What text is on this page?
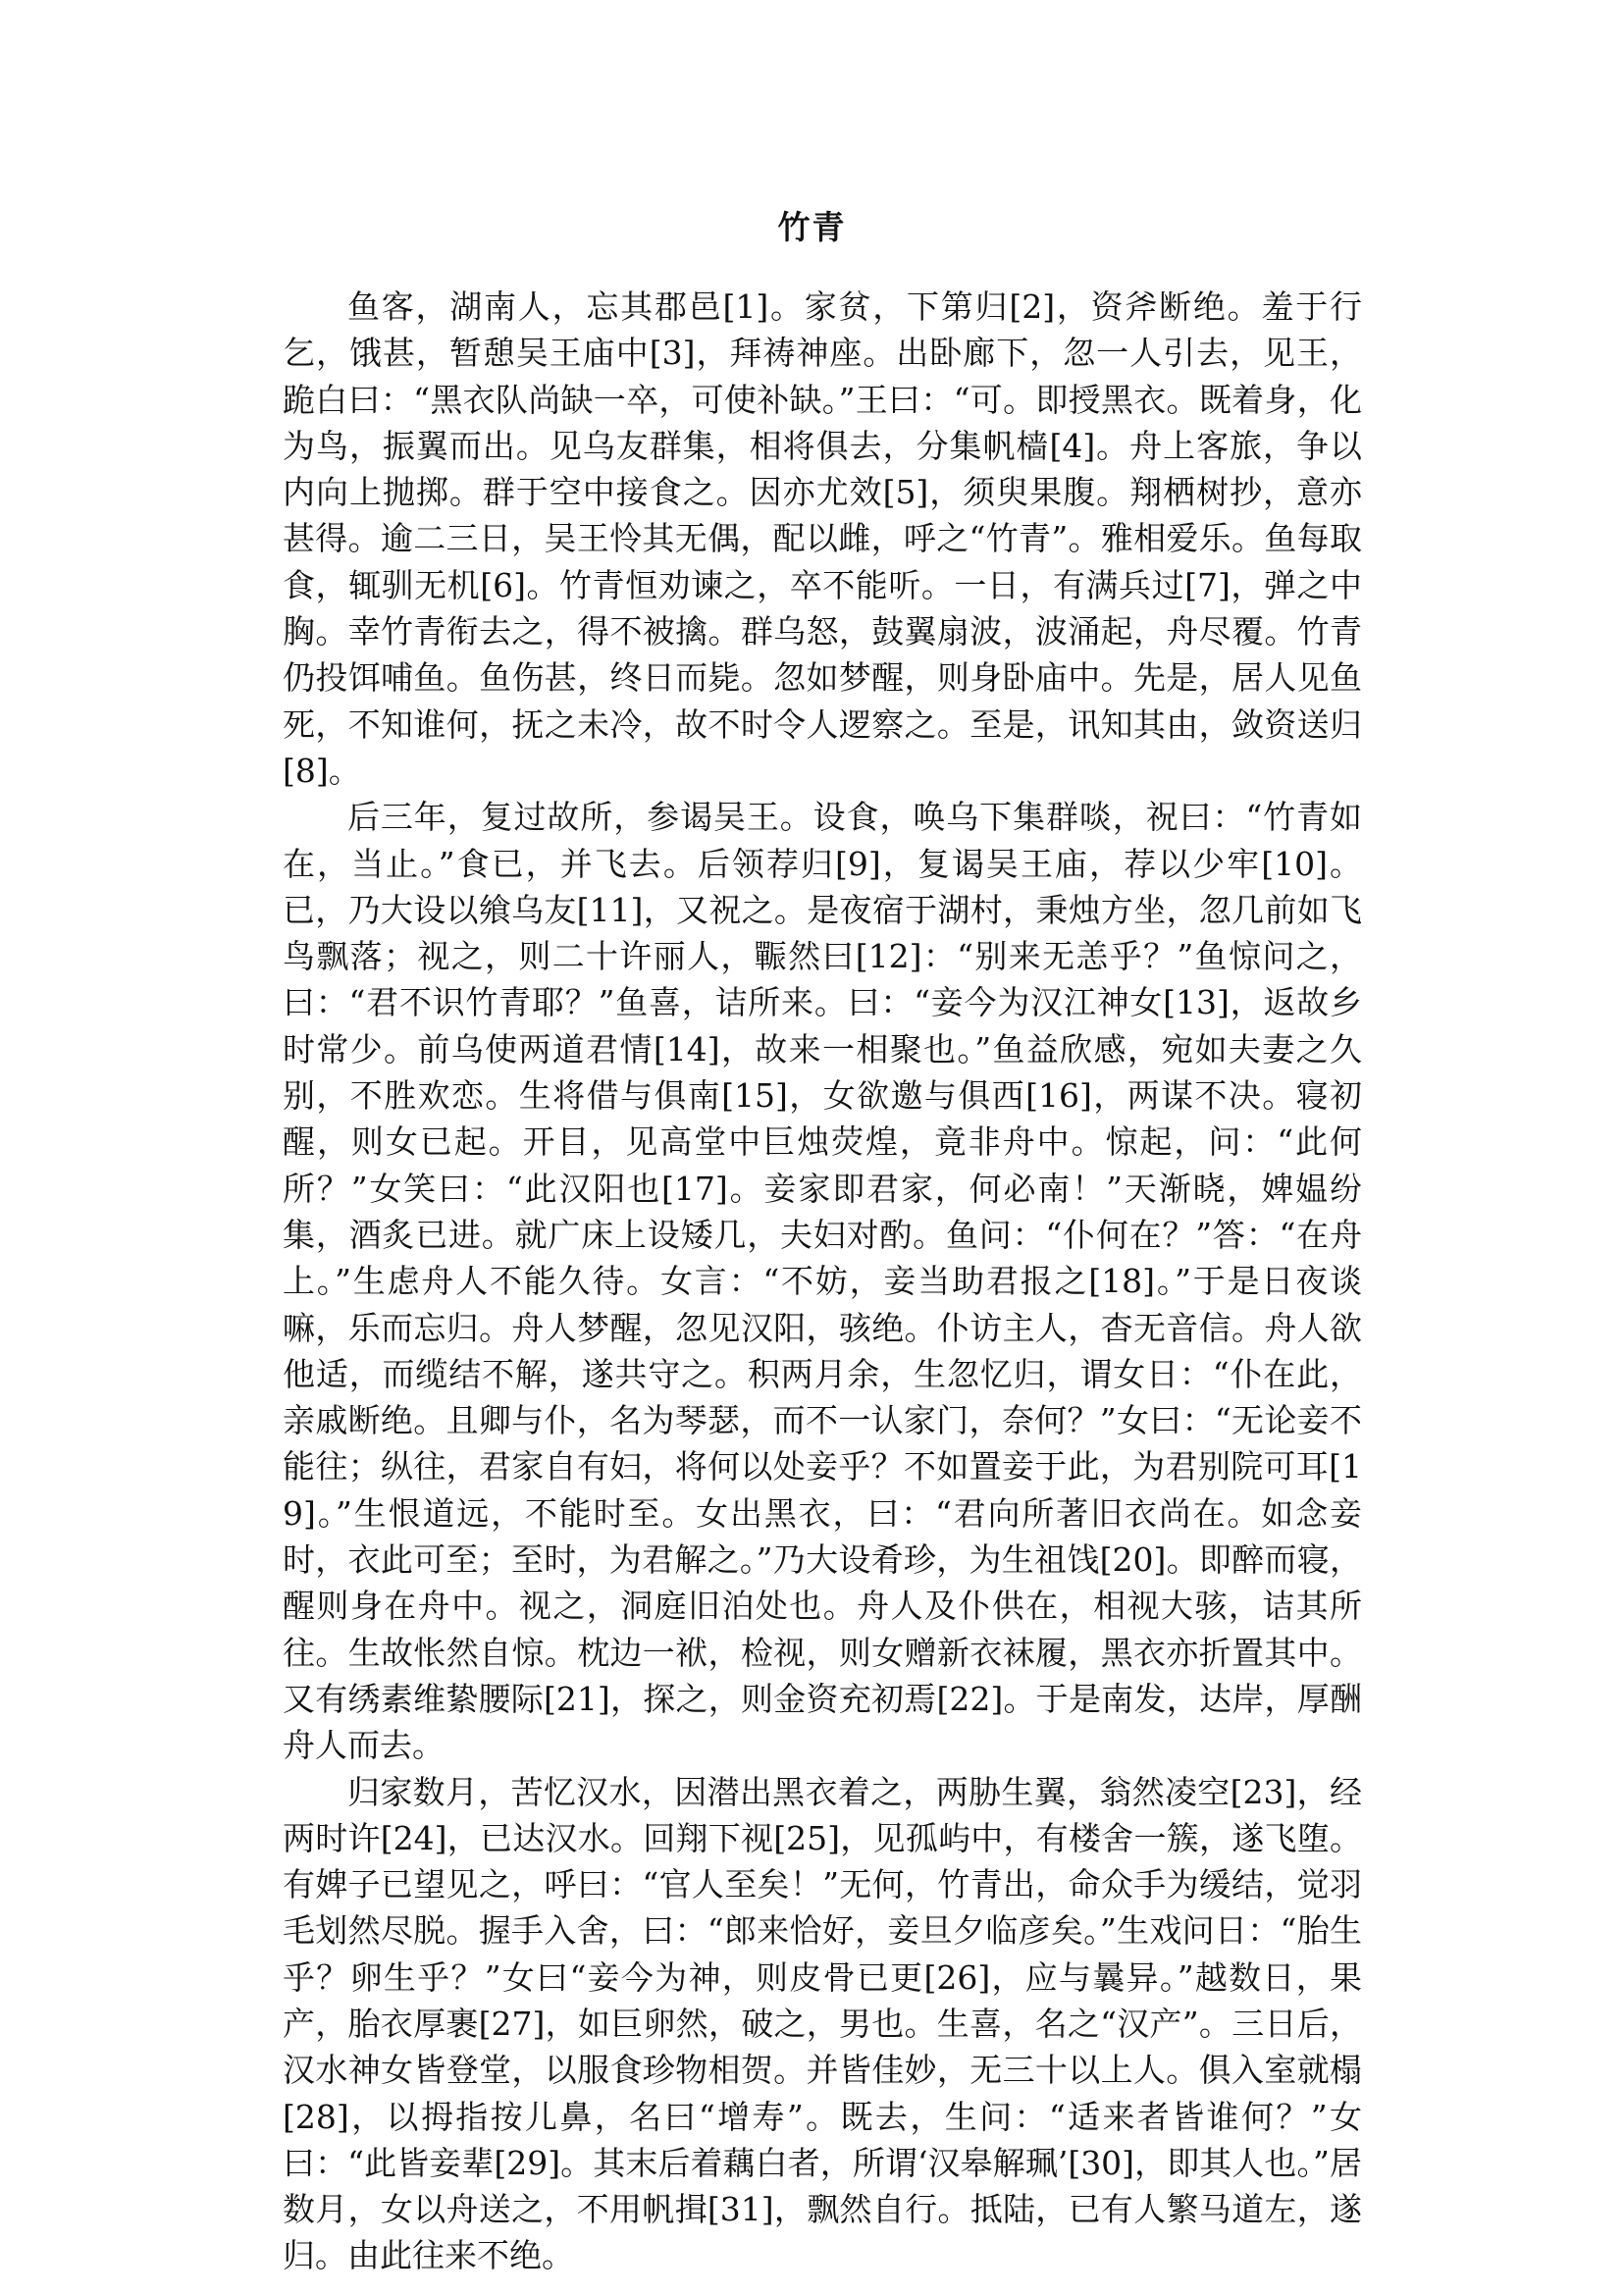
竹青

鱼客，湖南人，忘其郡邑[1]。家贫，下第归[2]，资斧断绝。羞于行乞，饿甚，暂憩吴王庙中[3]，拜祷神座。出卧廊下，忽一人引去，见王，跪白曰：“黑衣队尚缺一卒，可使补缺。”王曰：“可。即授黑衣。既着身，化为鸟，振翼而出。见乌友群集，相将俱去，分集帆樯[4]。舟上客旅，争以内向上抛掷。群于空中接食之。因亦尤效[5]，须臾果腹。翔栖树抄，意亦甚得。逾二三日，吴王怜其无偶，配以雌，呼之“竹青”。雅相爱乐。鱼每取食，辄驯无机[6]。竹青恒劝谏之，卒不能听。一日，有满兵过[7]，弹之中胸。幸竹青衔去之，得不被擒。群乌怒，鼓翼扇波，波涌起，舟尽覆。竹青仍投饵哺鱼。鱼伤甚，终日而毙。忽如梦醒，则身卧庙中。先是，居人见鱼死，不知谁何，抚之未冷，故不时令人逻察之。至是，讯知其由，敛资送归[8]。

后三年，复过故所，参谒吴王。设食，唤乌下集群啖，祝曰：“竹青如在，当止。”食已，并飞去。后领荐归[9]，复谒吴王庙，荐以少牢[10]。已，乃大设以飨乌友[11]，又祝之。是夜宿于湖村，秉烛方坐，忽几前如飞鸟飘落；视之，则二十许丽人，辴然曰[12]：“别来无恙乎？”鱼惊问之，曰：“君不识竹青耶？”鱼喜，诘所来。曰：“妾今为汉江神女[13]，返故乡时常少。前乌使两道君情[14]，故来一相聚也。”鱼益欣感，宛如夫妻之久别，不胜欢恋。生将借与俱南[15]，女欲邀与俱西[16]，两谋不决。寝初醒，则女已起。开目，见高堂中巨烛荧煌，竟非舟中。惊起，问：“此何所？”女笑曰：“此汉阳也[17]。妾家即君家，何必南！”天渐晓，婢媪纷集，酒炙已进。就广床上设矮几，夫妇对酌。鱼问：“仆何在？”答：“在舟上。”生虑舟人不能久待。女言：“不妨，妾当助君报之[18]。”于是日夜谈嘛，乐而忘归。舟人梦醒，忽见汉阳，骇绝。仆访主人，杳无音信。舟人欲他适，而缆结不解，遂共守之。积两月余，生忽忆归，谓女日：“仆在此，亲戚断绝。且卿与仆，名为琴瑟，而不一认家门，奈何？”女曰：“无论妾不能往；纵往，君家自有妇，将何以处妾乎？不如置妾于此，为君别院可耳[19]。”生恨道远，不能时至。女出黑衣，曰：“君向所著旧衣尚在。如念妾时，衣此可至；至时，为君解之。”乃大设肴珍，为生祖饯[20]。即醉而寝，醒则身在舟中。视之，洞庭旧泊处也。舟人及仆供在，相视大骇，诘其所往。生故怅然自惊。枕边一袱，检视，则女赠新衣袜履，黑衣亦折置其中。又有绣素维絷腰际[21]，探之，则金资充初焉[22]。于是南发，达岸，厚酬舟人而去。

归家数月，苦忆汉水，因潜出黑衣着之，两胁生翼，翁然凌空[23]，经两时许[24]，已达汉水。回翔下视[25]，见孤屿中，有楼舍一簇，遂飞堕。有婢子已望见之，呼曰：“官人至矣！”无何，竹青出，命众手为缓结，觉羽毛划然尽脱。握手入舍，曰：“郎来恰好，妾旦夕临彦矣。”生戏问日：“胎生乎？卵生乎？”女曰“妾今为神，则皮骨已更[26]，应与曩异。”越数日，果产，胎衣厚裹[27]，如巨卵然，破之，男也。生喜，名之“汉产”。三日后，汉水神女皆登堂，以服食珍物相贺。并皆佳妙，无三十以上人。俱入室就榻[28]，以拇指按儿鼻，名曰“增寿”。既去，生问：“适来者皆谁何？”女曰：“此皆妾辈[29]。其末后着藕白者，所谓‘汉皋解珮’[30]，即其人也。”居数月，女以舟送之，不用帆揖[31]，飘然自行。抵陆，已有人繁马道左，遂归。由此往来不绝。
